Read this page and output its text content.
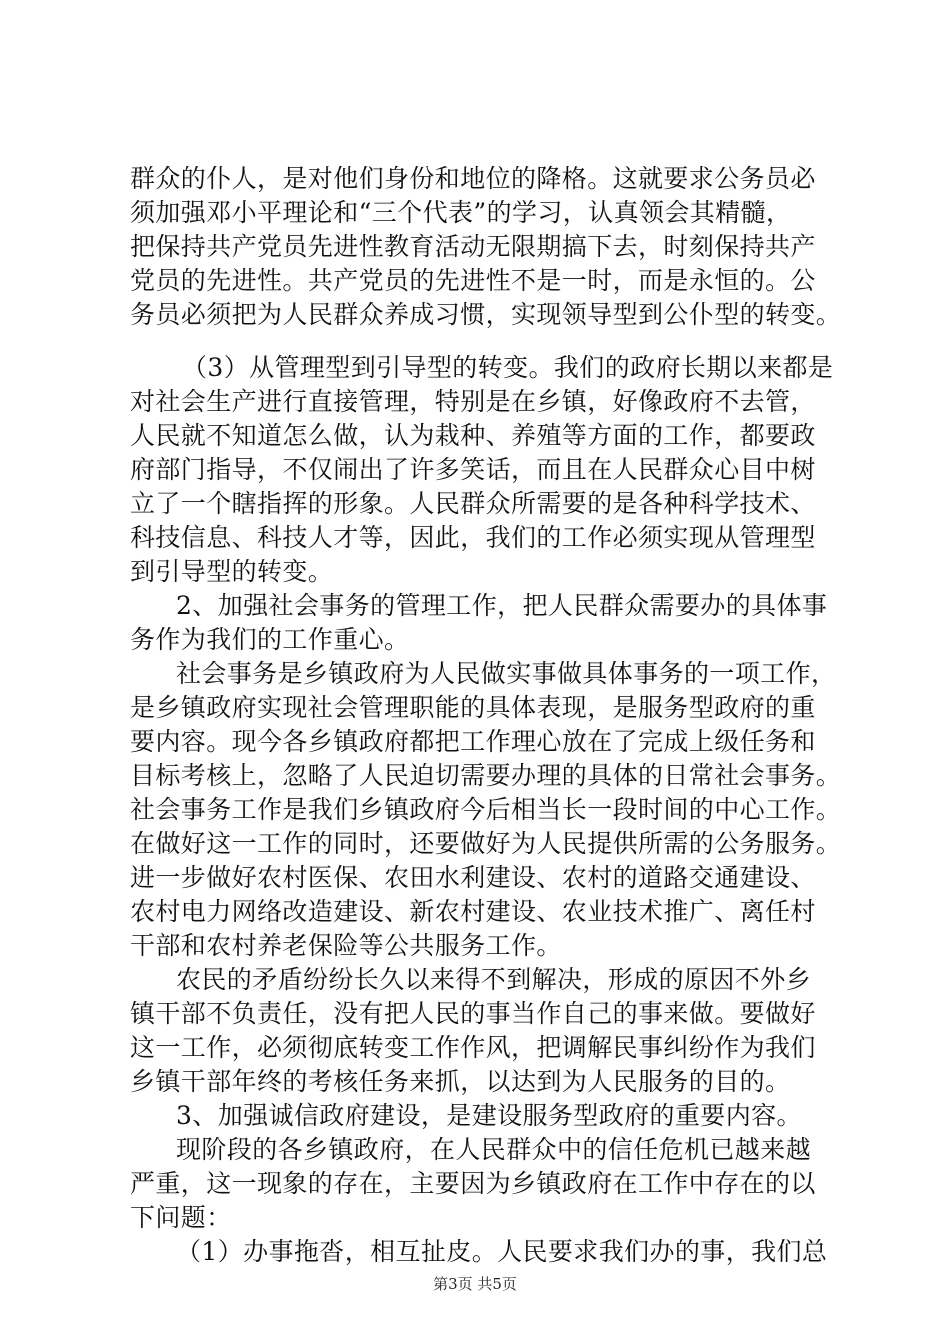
群众的仆人，是对他们身份和地位的降格。这就要求公务员必
须加强邓小平理论和“三个代表”的学习，认真领会其精髓，
把保持共产党员先进性教育活动无限期搞下去，时刻保持共产
党员的先进性。共产党员的先进性不是一时，而是永恒的。公
务员必须把为人民群众养成习惯，实现领导型到公仆型的转变。
（3）从管理型到引导型的转变。我们的政府长期以来都是
对社会生产进行直接管理，特别是在乡镇，好像政府不去管，
人民就不知道怎么做，认为栽种、养殖等方面的工作，都要政
府部门指导，不仅闹出了许多笑话，而且在人民群众心目中树
立了一个瞎指挥的形象。人民群众所需要的是各种科学技术、
科技信息、科技人才等，因此，我们的工作必须实现从管理型
到引导型的转变。
2、加强社会事务的管理工作，把人民群众需要办的具体事
务作为我们的工作重心。
社会事务是乡镇政府为人民做实事做具体事务的一项工作，
是乡镇政府实现社会管理职能的具体表现，是服务型政府的重
要内容。现今各乡镇政府都把工作理心放在了完成上级任务和
目标考核上，忽略了人民迫切需要办理的具体的日常社会事务。
社会事务工作是我们乡镇政府今后相当长一段时间的中心工作。
在做好这一工作的同时，还要做好为人民提供所需的公务服务。
进一步做好农村医保、农田水利建设、农村的道路交通建设、
农村电力网络改造建设、新农村建设、农业技术推广、离任村
干部和农村养老保险等公共服务工作。
农民的矛盾纷纷长久以来得不到解决，形成的原因不外乡
镇干部不负责任，没有把人民的事当作自己的事来做。要做好
这一工作，必须彻底转变工作作风，把调解民事纠纷作为我们
乡镇干部年终的考核任务来抓，以达到为人民服务的目的。
3、加强诚信政府建设，是建设服务型政府的重要内容。
现阶段的各乡镇政府，在人民群众中的信任危机已越来越
严重，这一现象的存在，主要因为乡镇政府在工作中存在的以
下问题：
（1）办事拖沓，相互扯皮。人民要求我们办的事，我们总
第3页 共5页
